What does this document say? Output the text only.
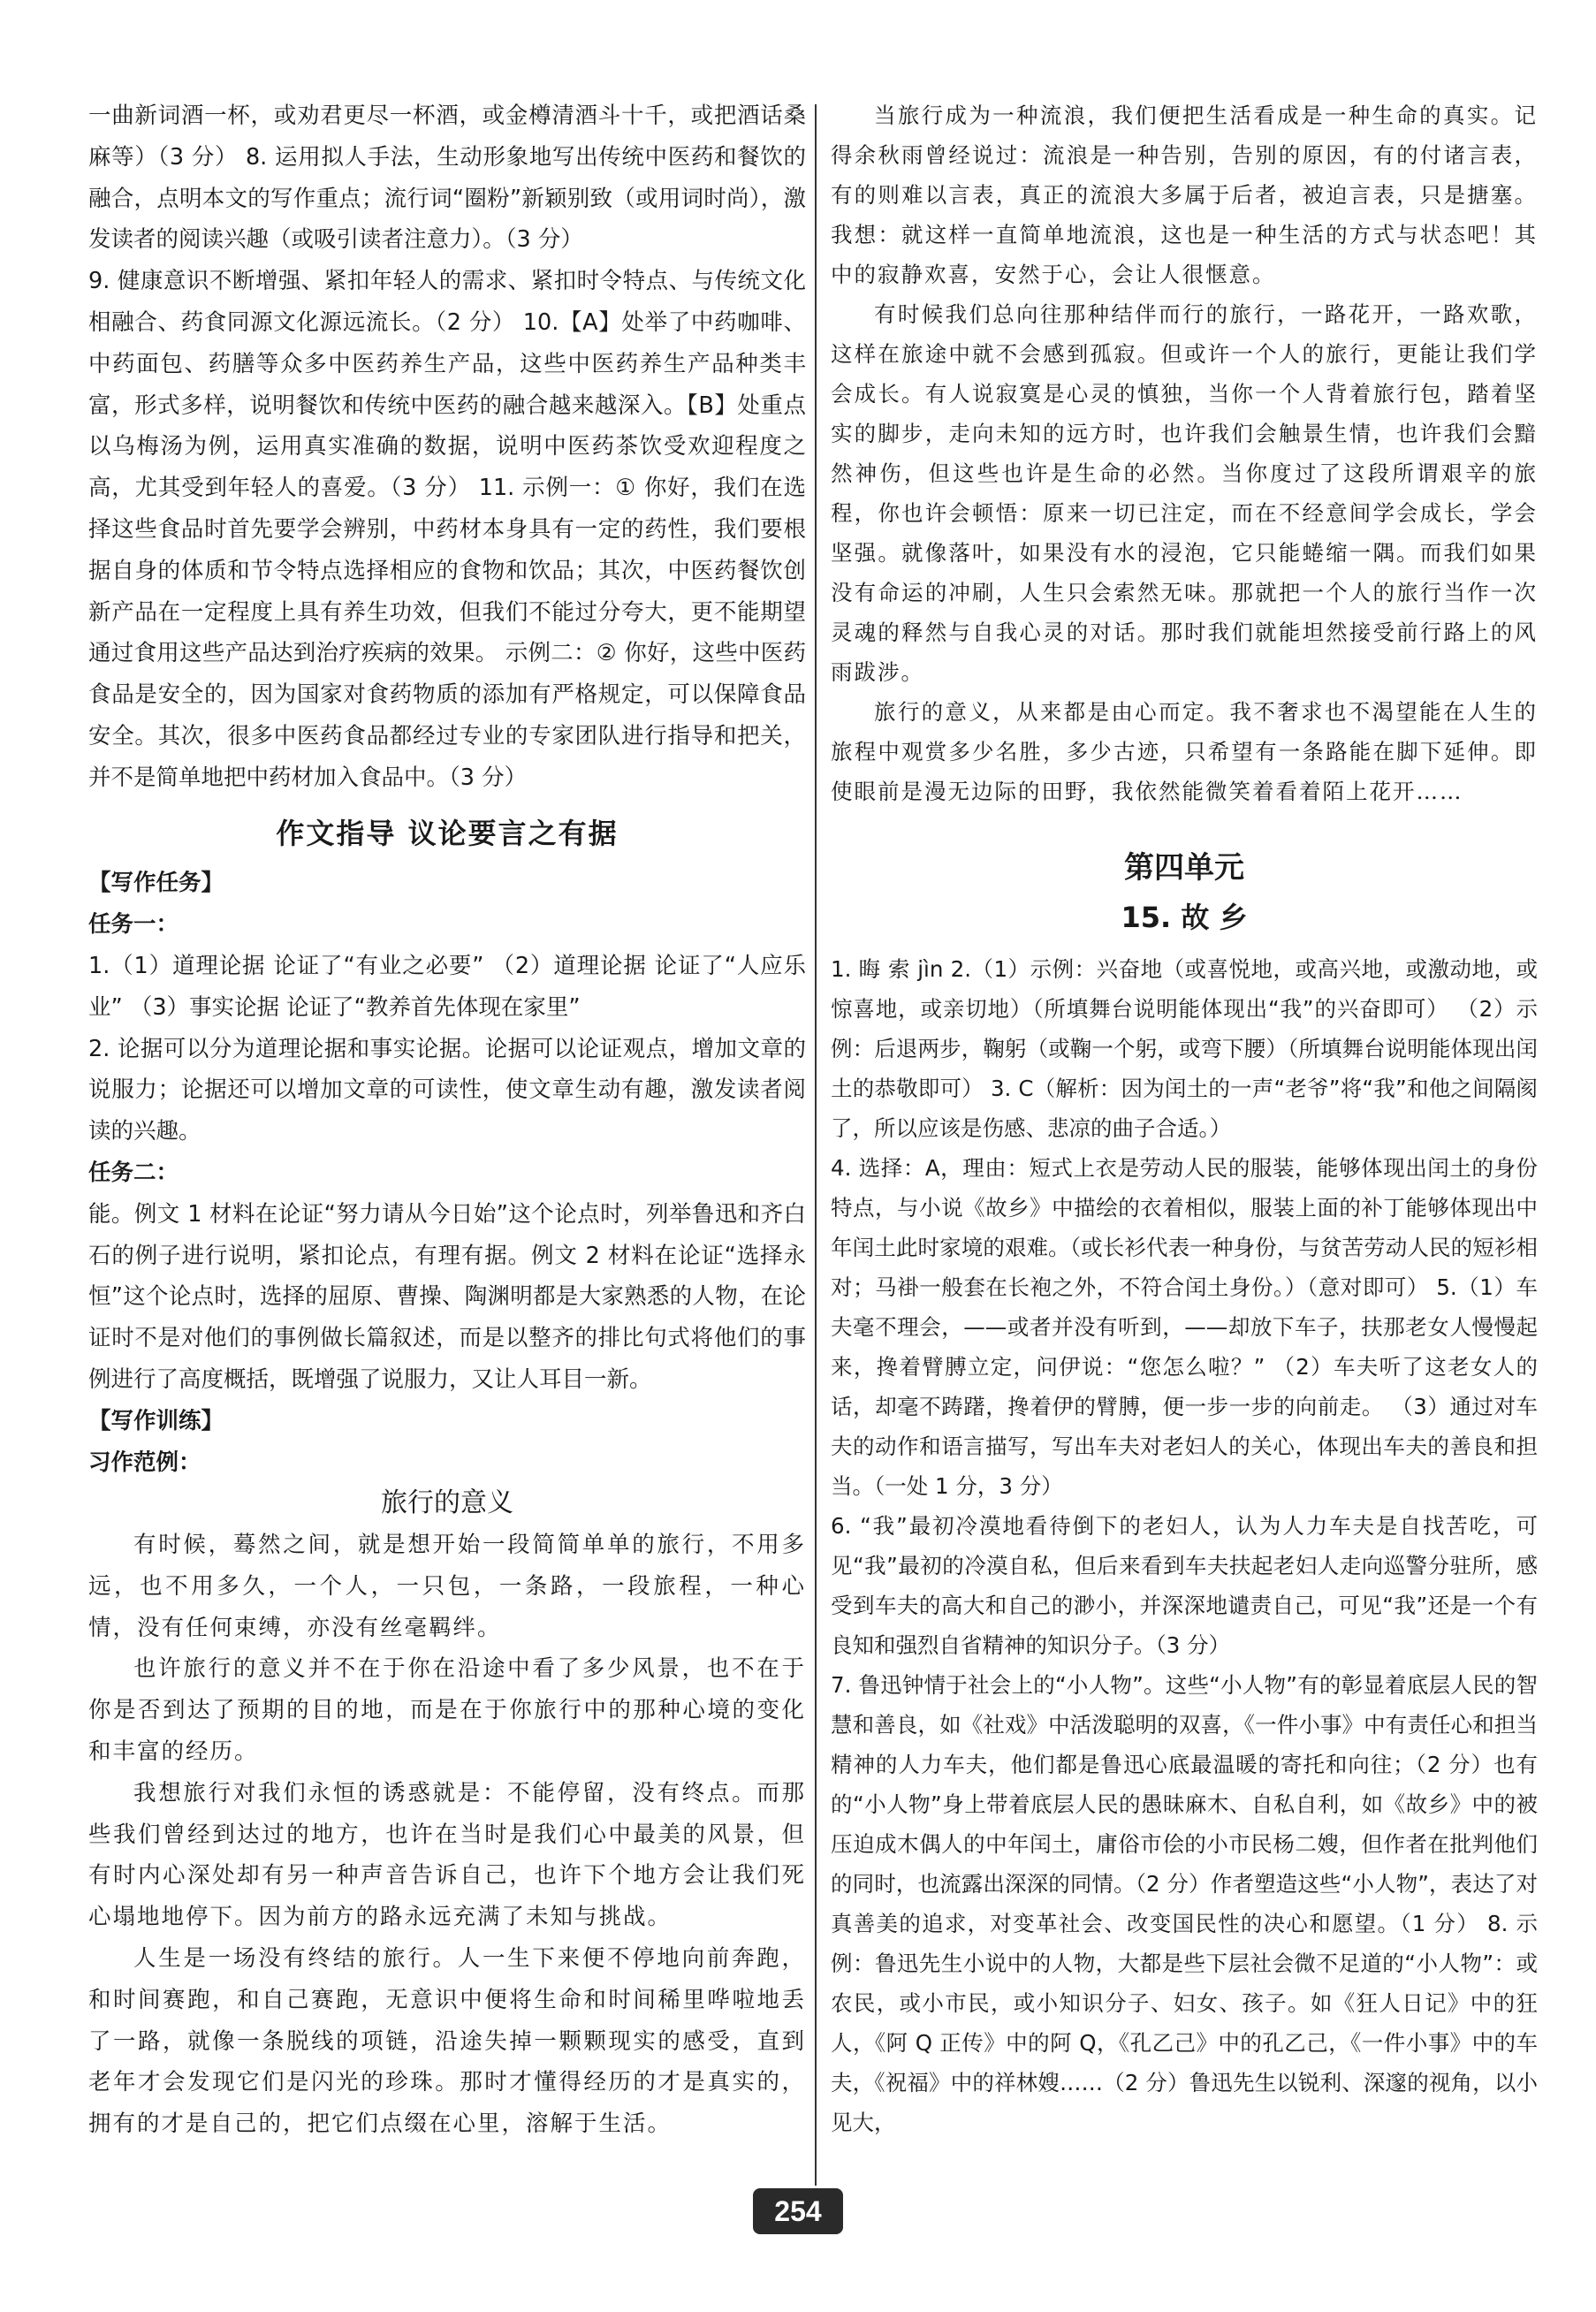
一曲新词酒一杯，或劝君更尽一杯酒，或金樽清酒斗十千，或把酒话桑麻等）（3 分） 8. 运用拟人手法，生动形象地写出传统中医药和餐饮的融合，点明本文的写作重点；流行词“圈粉”新颖别致（或用词时尚），激发读者的阅读兴趣（或吸引读者注意力）。（3 分）

9. 健康意识不断增强、紧扣年轻人的需求、紧扣时令特点、与传统文化相融合、药食同源文化源远流长。（2 分） 10.【A】处举了中药咖啡、中药面包、药膳等众多中医药养生产品，这些中医药养生产品种类丰富，形式多样，说明餐饮和传统中医药的融合越来越深入。【B】处重点以乌梅汤为例，运用真实准确的数据，说明中医药茶饮受欢迎程度之高，尤其受到年轻人的喜爱。（3 分） 11. 示例一：① 你好，我们在选择这些食品时首先要学会辨别，中药材本身具有一定的药性，我们要根据自身的体质和节令特点选择相应的食物和饮品；其次，中医药餐饮创新产品在一定程度上具有养生功效，但我们不能过分夸大，更不能期望通过食用这些产品达到治疗疾病的效果。 示例二：② 你好，这些中医药食品是安全的，因为国家对食药物质的添加有严格规定，可以保障食品安全。其次，很多中医药食品都经过专业的专家团队进行指导和把关，并不是简单地把中药材加入食品中。（3 分）

作文指导 议论要言之有据

【写作任务】

任务一：

1.（1）道理论据 论证了“有业之必要” （2）道理论据 论证了“人应乐业” （3）事实论据 论证了“教养首先体现在家里”

2. 论据可以分为道理论据和事实论据。论据可以论证观点，增加文章的说服力；论据还可以增加文章的可读性，使文章生动有趣，激发读者阅读的兴趣。

任务二：

能。例文 1 材料在论证“努力请从今日始”这个论点时，列举鲁迅和齐白石的例子进行说明，紧扣论点，有理有据。例文 2 材料在论证“选择永恒”这个论点时，选择的屈原、曹操、陶渊明都是大家熟悉的人物，在论证时不是对他们的事例做长篇叙述，而是以整齐的排比句式将他们的事例进行了高度概括，既增强了说服力，又让人耳目一新。

【写作训练】

习作范例：

旅行的意义

有时候，蓦然之间，就是想开始一段简简单单的旅行，不用多远，也不用多久，一个人，一只包，一条路，一段旅程，一种心情，没有任何束缚，亦没有丝毫羁绊。

也许旅行的意义并不在于你在沿途中看了多少风景，也不在于你是否到达了预期的目的地，而是在于你旅行中的那种心境的变化和丰富的经历。

我想旅行对我们永恒的诱惑就是：不能停留，没有终点。而那些我们曾经到达过的地方，也许在当时是我们心中最美的风景，但有时内心深处却有另一种声音告诉自己，也许下个地方会让我们死心塌地地停下。因为前方的路永远充满了未知与挑战。

人生是一场没有终结的旅行。人一生下来便不停地向前奔跑，和时间赛跑，和自己赛跑，无意识中便将生命和时间稀里哗啦地丢了一路，就像一条脱线的项链，沿途失掉一颗颗现实的感受，直到老年才会发现它们是闪光的珍珠。那时才懂得经历的才是真实的，拥有的才是自己的，把它们点缀在心里，溶解于生活。

当旅行成为一种流浪，我们便把生活看成是一种生命的真实。记得余秋雨曾经说过：流浪是一种告别，告别的原因，有的付诸言表，有的则难以言表，真正的流浪大多属于后者，被迫言表，只是搪塞。我想：就这样一直简单地流浪，这也是一种生活的方式与状态吧！其中的寂静欢喜，安然于心，会让人很惬意。

有时候我们总向往那种结伴而行的旅行，一路花开，一路欢歌，这样在旅途中就不会感到孤寂。但或许一个人的旅行，更能让我们学会成长。有人说寂寞是心灵的慎独，当你一个人背着旅行包，踏着坚实的脚步，走向未知的远方时，也许我们会触景生情，也许我们会黯然神伤，但这些也许是生命的必然。当你度过了这段所谓艰辛的旅程，你也许会顿悟：原来一切已注定，而在不经意间学会成长，学会坚强。就像落叶，如果没有水的浸泡，它只能蜷缩一隅。而我们如果没有命运的冲刷，人生只会索然无味。那就把一个人的旅行当作一次灵魂的释然与自我心灵的对话。那时我们就能坦然接受前行路上的风雨跋涉。

旅行的意义，从来都是由心而定。我不奢求也不渴望能在人生的旅程中观赏多少名胜，多少古迹，只希望有一条路能在脚下延伸。即使眼前是漫无边际的田野，我依然能微笑着看着陌上花开……

第四单元
15. 故 乡

1. 晦 索 jìn 2.（1）示例：兴奋地（或喜悦地，或高兴地，或激动地，或惊喜地，或亲切地）（所填舞台说明能体现出“我”的兴奋即可） （2）示例：后退两步，鞠躬（或鞠一个躬，或弯下腰）（所填舞台说明能体现出闰土的恭敬即可） 3. C（解析：因为闰土的一声“老爷”将“我”和他之间隔阂了，所以应该是伤感、悲凉的曲子合适。）

4. 选择：A，理由：短式上衣是劳动人民的服装，能够体现出闰土的身份特点，与小说《故乡》中描绘的衣着相似，服装上面的补丁能够体现出中年闰土此时家境的艰难。（或长衫代表一种身份，与贫苦劳动人民的短衫相对；马褂一般套在长袍之外，不符合闰土身份。）（意对即可） 5.（1）车夫毫不理会，——或者并没有听到，——却放下车子，扶那老女人慢慢起来，搀着臂膊立定，问伊说：“您怎么啦？” （2）车夫听了这老女人的话，却毫不踌躇，搀着伊的臂膊，便一步一步的向前走。 （3）通过对车夫的动作和语言描写，写出车夫对老妇人的关心，体现出车夫的善良和担当。（一处 1 分，3 分）

6. “我”最初冷漠地看待倒下的老妇人，认为人力车夫是自找苦吃，可见“我”最初的冷漠自私，但后来看到车夫扶起老妇人走向巡警分驻所，感受到车夫的高大和自己的渺小，并深深地谴责自己，可见“我”还是一个有良知和强烈自省精神的知识分子。（3 分）

7. 鲁迅钟情于社会上的“小人物”。这些“小人物”有的彰显着底层人民的智慧和善良，如《社戏》中活泼聪明的双喜，《一件小事》中有责任心和担当精神的人力车夫，他们都是鲁迅心底最温暖的寄托和向往；（2 分）也有的“小人物”身上带着底层人民的愚昧麻木、自私自利，如《故乡》中的被压迫成木偶人的中年闰土，庸俗市侩的小市民杨二嫂，但作者在批判他们的同时，也流露出深深的同情。（2 分）作者塑造这些“小人物”，表达了对真善美的追求，对变革社会、改变国民性的决心和愿望。（1 分） 8. 示例：鲁迅先生小说中的人物，大都是些下层社会微不足道的“小人物”：或农民，或小市民，或小知识分子、妇女、孩子。如《狂人日记》中的狂人，《阿 Q 正传》中的阿 Q，《孔乙己》中的孔乙己，《一件小事》中的车夫，《祝福》中的祥林嫂……（2 分）鲁迅先生以锐利、深邃的视角，以小见大，

254
